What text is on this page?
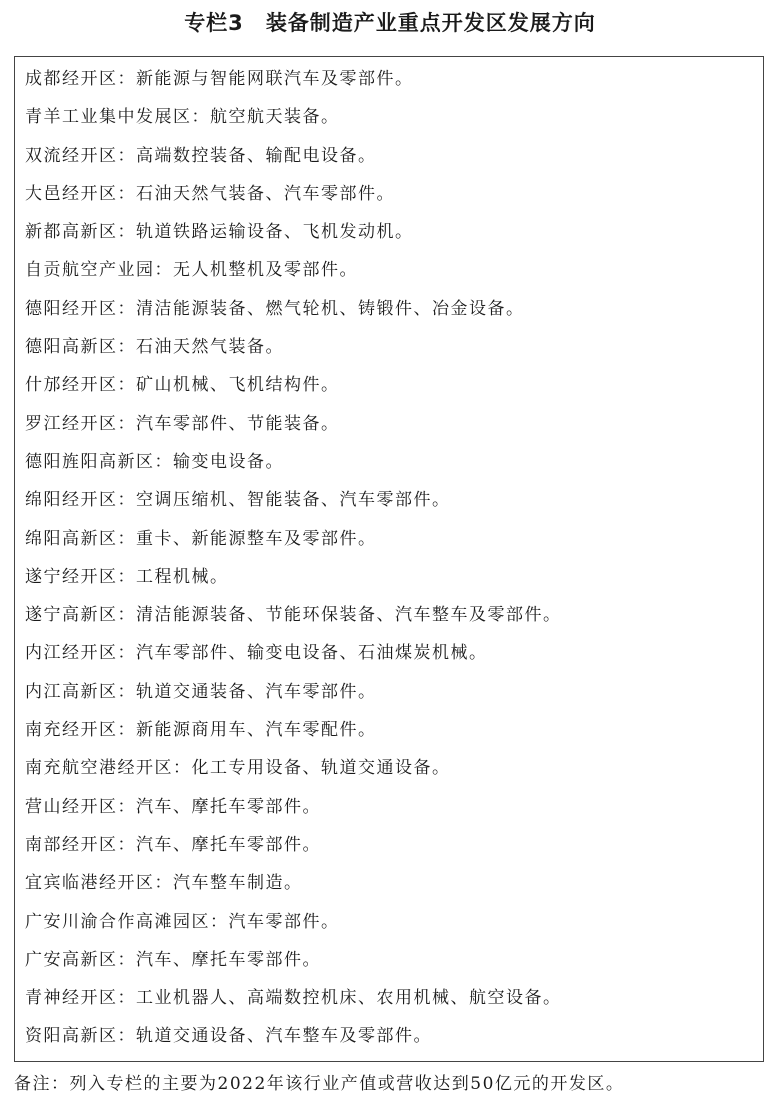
专栏3 装备制造产业重点开发区发展方向
成都经开区：新能源与智能网联汽车及零部件。
青羊工业集中发展区：航空航天装备。
双流经开区：高端数控装备、输配电设备。
大邑经开区：石油天然气装备、汽车零部件。
新都高新区：轨道铁路运输设备、飞机发动机。
自贡航空产业园：无人机整机及零部件。
德阳经开区：清洁能源装备、燃气轮机、铸锻件、冶金设备。
德阳高新区：石油天然气装备。
什邡经开区：矿山机械、飞机结构件。
罗江经开区：汽车零部件、节能装备。
德阳旌阳高新区：输变电设备。
绵阳经开区：空调压缩机、智能装备、汽车零部件。
绵阳高新区：重卡、新能源整车及零部件。
遂宁经开区：工程机械。
遂宁高新区：清洁能源装备、节能环保装备、汽车整车及零部件。
内江经开区：汽车零部件、输变电设备、石油煤炭机械。
内江高新区：轨道交通装备、汽车零部件。
南充经开区：新能源商用车、汽车零配件。
南充航空港经开区：化工专用设备、轨道交通设备。
营山经开区：汽车、摩托车零部件。
南部经开区：汽车、摩托车零部件。
宜宾临港经开区：汽车整车制造。
广安川渝合作高滩园区：汽车零部件。
广安高新区：汽车、摩托车零部件。
青神经开区：工业机器人、高端数控机床、农用机械、航空设备。
资阳高新区：轨道交通设备、汽车整车及零部件。
备注：列入专栏的主要为2022年该行业产值或营收达到50亿元的开发区。
